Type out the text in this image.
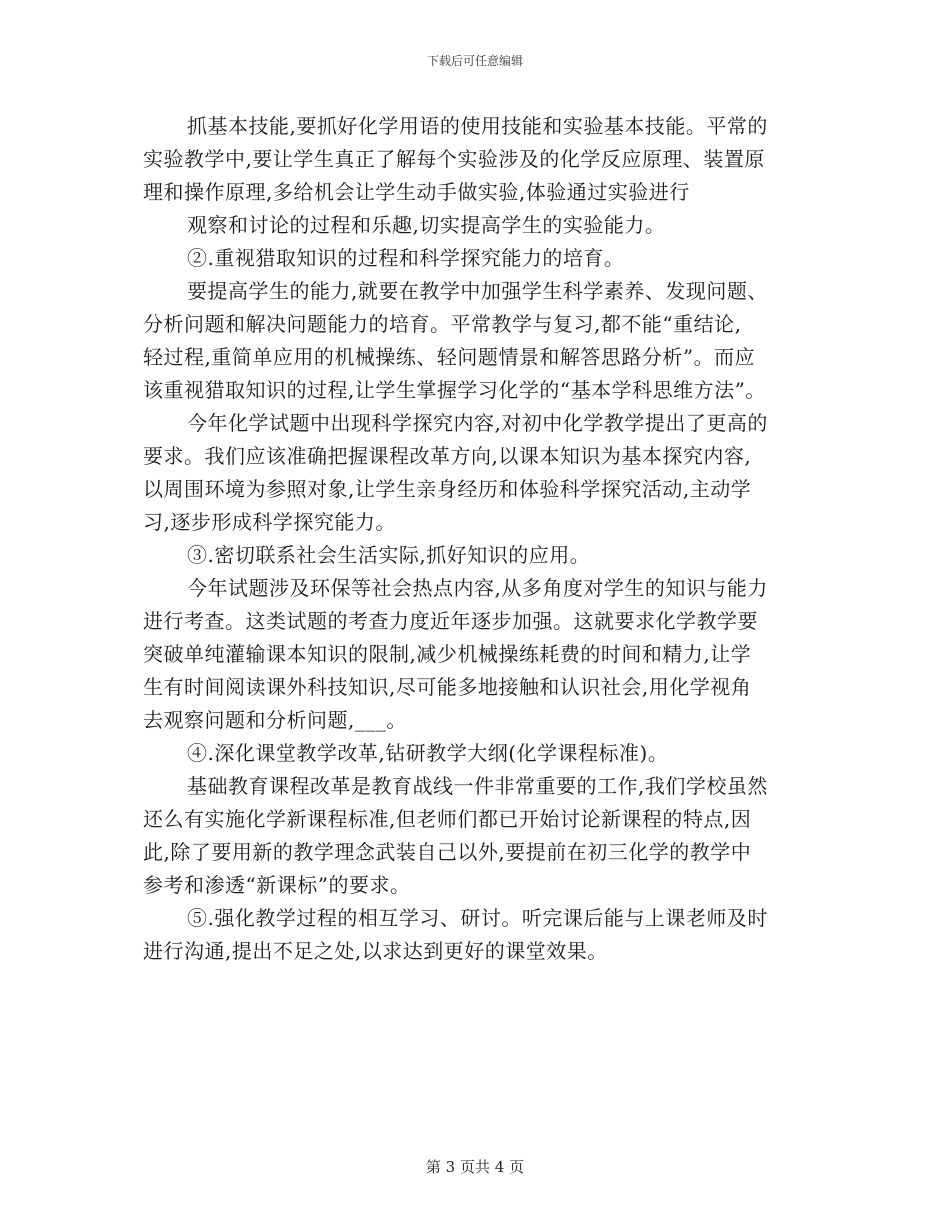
下载后可任意编辑
抓基本技能,要抓好化学用语的使用技能和实验基本技能。平常的
实验教学中,要让学生真正了解每个实验涉及的化学反应原理、装置原
理和操作原理,多给机会让学生动手做实验,体验通过实验进行
观察和讨论的过程和乐趣,切实提高学生的实验能力。
②.重视猎取知识的过程和科学探究能力的培育。
要提高学生的能力,就要在教学中加强学生科学素养、发现问题、
分析问题和解决问题能力的培育。平常教学与复习,都不能“重结论,
轻过程,重简单应用的机械操练、轻问题情景和解答思路分析”。而应
该重视猎取知识的过程,让学生掌握学习化学的“基本学科思维方法”。
今年化学试题中出现科学探究内容,对初中化学教学提出了更高的
要求。我们应该准确把握课程改革方向,以课本知识为基本探究内容,
以周围环境为参照对象,让学生亲身经历和体验科学探究活动,主动学
习,逐步形成科学探究能力。
③.密切联系社会生活实际,抓好知识的应用。
今年试题涉及环保等社会热点内容,从多角度对学生的知识与能力
进行考查。这类试题的考查力度近年逐步加强。这就要求化学教学要
突破单纯灌输课本知识的限制,减少机械操练耗费的时间和精力,让学
生有时间阅读课外科技知识,尽可能多地接触和认识社会,用化学视角
去观察问题和分析问题,___。
④.深化课堂教学改革,钻研教学大纲(化学课程标准)。
基础教育课程改革是教育战线一件非常重要的工作,我们学校虽然
还么有实施化学新课程标准,但老师们都已开始讨论新课程的特点,因
此,除了要用新的教学理念武装自己以外,要提前在初三化学的教学中
参考和渗透“新课标”的要求。
⑤.强化教学过程的相互学习、研讨。听完课后能与上课老师及时
进行沟通,提出不足之处,以求达到更好的课堂效果。
第 3 页共 4 页
